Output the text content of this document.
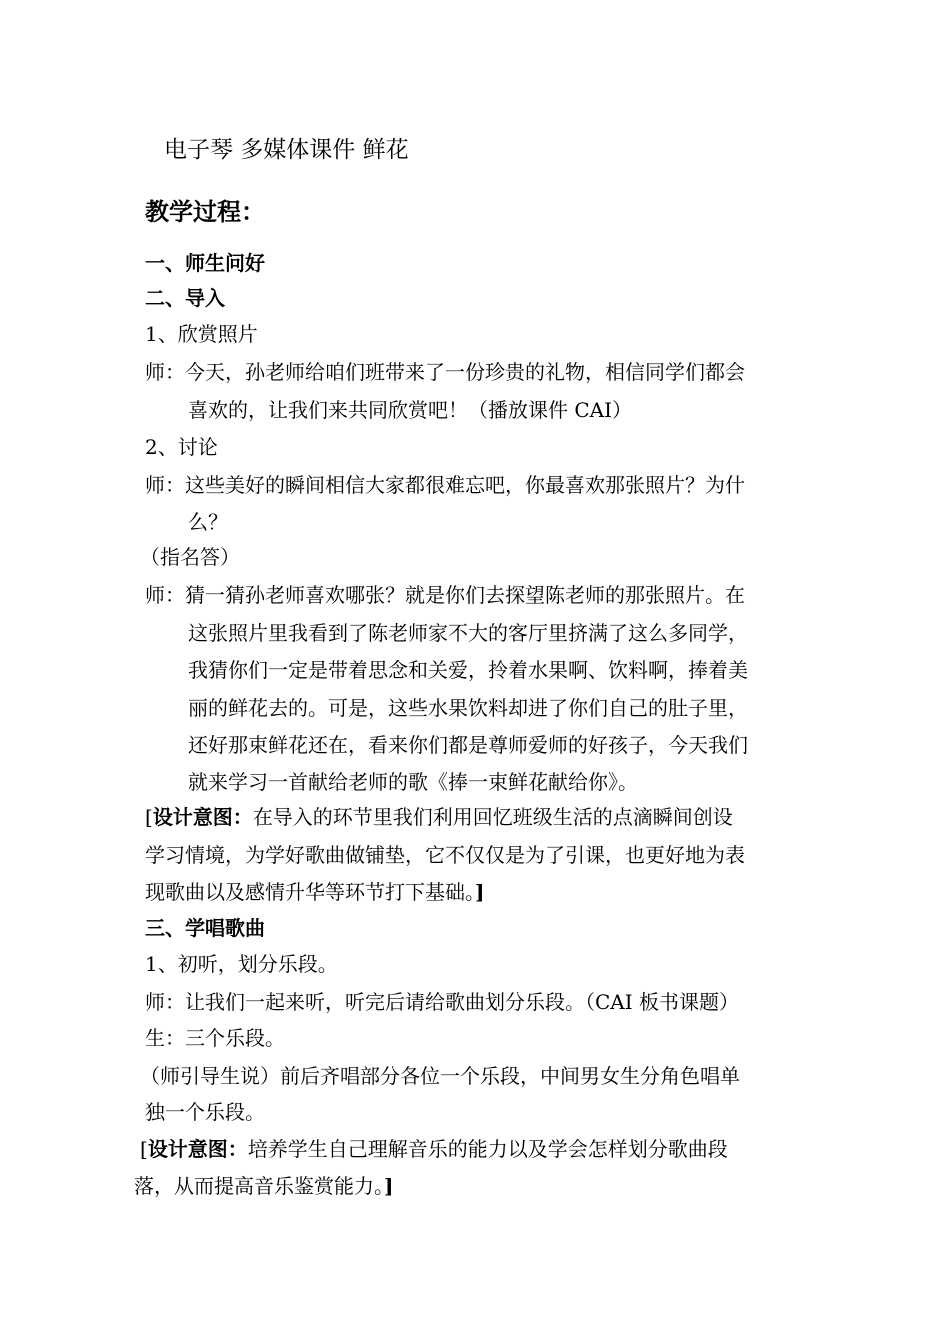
电子琴 多媒体课件 鲜花
教学过程：
一、师生问好
二、导入
1、欣赏照片
师：今天，孙老师给咱们班带来了一份珍贵的礼物，相信同学们都会
喜欢的，让我们来共同欣赏吧！（播放课件 CAI）
2、讨论
师：这些美好的瞬间相信大家都很难忘吧，你最喜欢那张照片？为什
么？
（指名答）
师：猜一猜孙老师喜欢哪张？就是你们去探望陈老师的那张照片。在
这张照片里我看到了陈老师家不大的客厅里挤满了这么多同学，
我猜你们一定是带着思念和关爱，拎着水果啊、饮料啊，捧着美
丽的鲜花去的。可是，这些水果饮料却进了你们自己的肚子里，
还好那束鲜花还在，看来你们都是尊师爱师的好孩子，今天我们
就来学习一首献给老师的歌《捧一束鲜花献给你》。
[设计意图：在导入的环节里我们利用回忆班级生活的点滴瞬间创设
学习情境，为学好歌曲做铺垫，它不仅仅是为了引课，也更好地为表
现歌曲以及感情升华等环节打下基础。]
三、学唱歌曲
1、初听，划分乐段。
师：让我们一起来听，听完后请给歌曲划分乐段。（CAI 板书课题）
生：三个乐段。
（师引导生说）前后齐唱部分各位一个乐段，中间男女生分角色唱单
独一个乐段。
[设计意图：培养学生自己理解音乐的能力以及学会怎样划分歌曲段
落，从而提高音乐鉴赏能力。]
